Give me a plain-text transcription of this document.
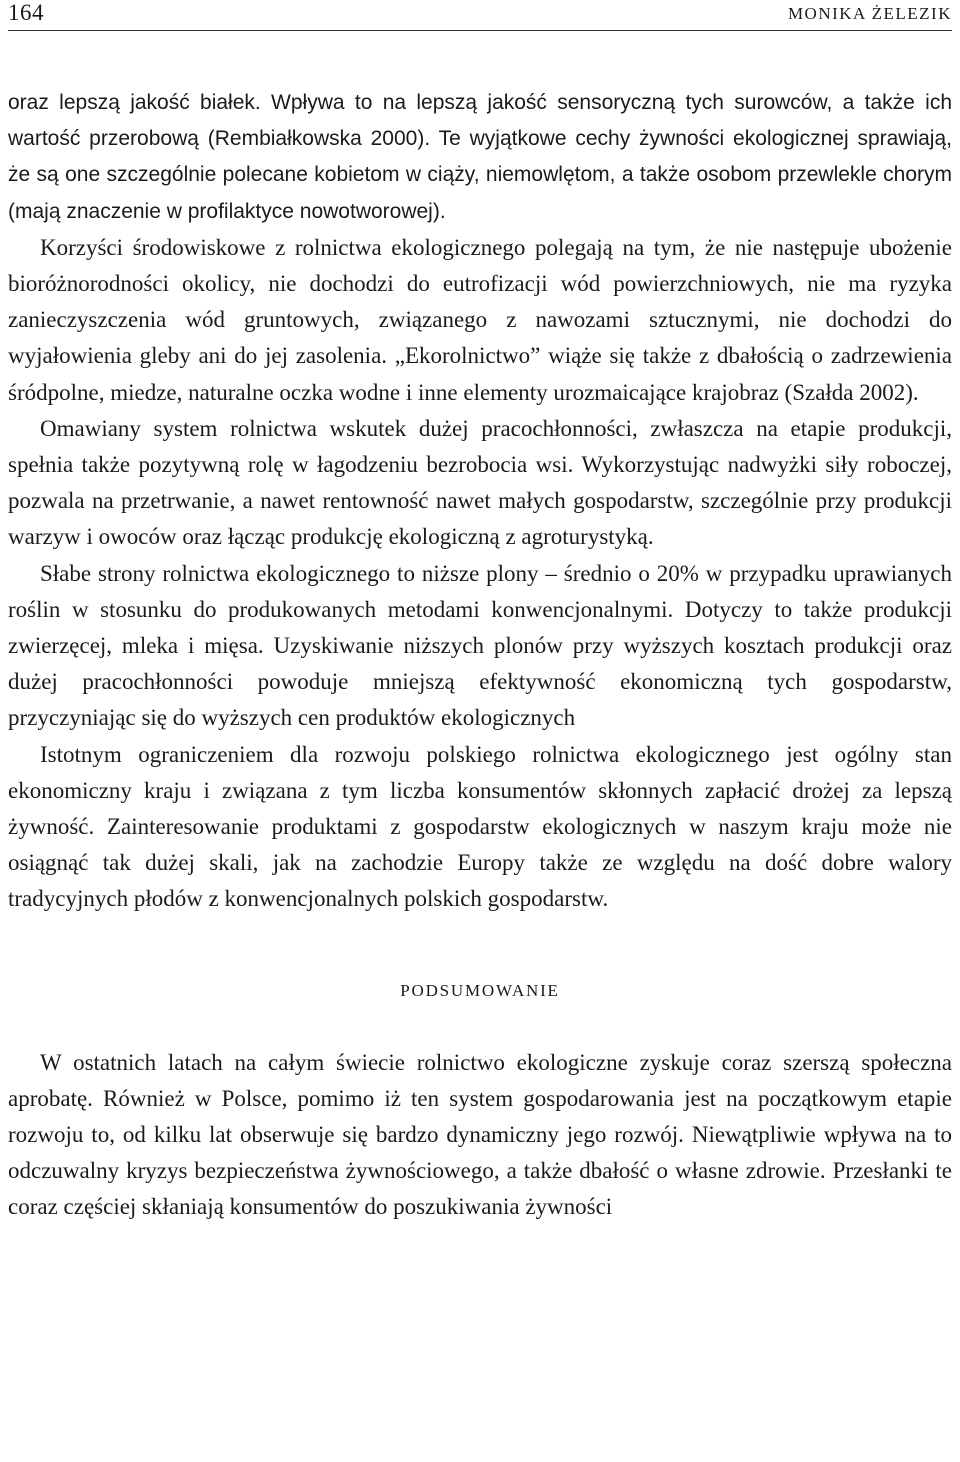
164	MONIKA ŻELEZIK

oraz lepszą jakość białek. Wpływa to na lepszą jakość sensoryczną tych surowców, a także ich wartość przerobową (Rembiałkowska 2000). Te wyjątkowe cechy żywności ekologicznej sprawiają, że są one szczególnie polecane kobietom w ciąży, niemowlętom, a także osobom przewlekle chorym (mają znaczenie w profilaktyce nowotworowej).

Korzyści środowiskowe z rolnictwa ekologicznego polegają na tym, że nie następuje ubożenie bioróżnorodności okolicy, nie dochodzi do eutrofizacji wód powierzchniowych, nie ma ryzyka zanieczyszczenia wód gruntowych, związanego z nawozami sztucznymi, nie dochodzi do wyjałowienia gleby ani do jej zasolenia. „Ekorolnictwo” wiąże się także z dbałością o zadrzewienia śródpolne, miedze, naturalne oczka wodne i inne elementy urozmaicające krajobraz (Szałda 2002).

Omawiany system rolnictwa wskutek dużej pracochłonności, zwłaszcza na etapie produkcji, spełnia także pozytywną rolę w łagodzeniu bezrobocia wsi. Wykorzystując nadwyżki siły roboczej, pozwala na przetrwanie, a nawet rentowność nawet małych gospodarstw, szczególnie przy produkcji warzyw i owoców oraz łącząc produkcję ekologiczną z agroturystyką.

Słabe strony rolnictwa ekologicznego to niższe plony – średnio o 20% w przypadku uprawianych roślin w stosunku do produkowanych metodami konwencjonalnymi. Dotyczy to także produkcji zwierzęcej, mleka i mięsa. Uzyskiwanie niższych plonów przy wyższych kosztach produkcji oraz dużej pracochłonności powoduje mniejszą efektywność ekonomiczną tych gospodarstw, przyczyniając się do wyższych cen produktów ekologicznych

Istotnym ograniczeniem dla rozwoju polskiego rolnictwa ekologicznego jest ogólny stan ekonomiczny kraju i związana z tym liczba konsumentów skłonnych zapłacić drożej za lepszą żywność. Zainteresowanie produktami z gospodarstw ekologicznych w naszym kraju może nie osiągnąć tak dużej skali, jak na zachodzie Europy także ze względu na dość dobre walory tradycyjnych płodów z konwencjonalnych polskich gospodarstw.

PODSUMOWANIE

W ostatnich latach na całym świecie rolnictwo ekologiczne zyskuje coraz szerszą społeczna aprobatę. Również w Polsce, pomimo iż ten system gospodarowania jest na początkowym etapie rozwoju to, od kilku lat obserwuje się bardzo dynamiczny jego rozwój. Niewątpliwie wpływa na to odczuwalny kryzys bezpieczeństwa żywnościowego, a także dbałość o własne zdrowie. Przesłanki te coraz częściej skłaniają konsumentów do poszukiwania żywności
